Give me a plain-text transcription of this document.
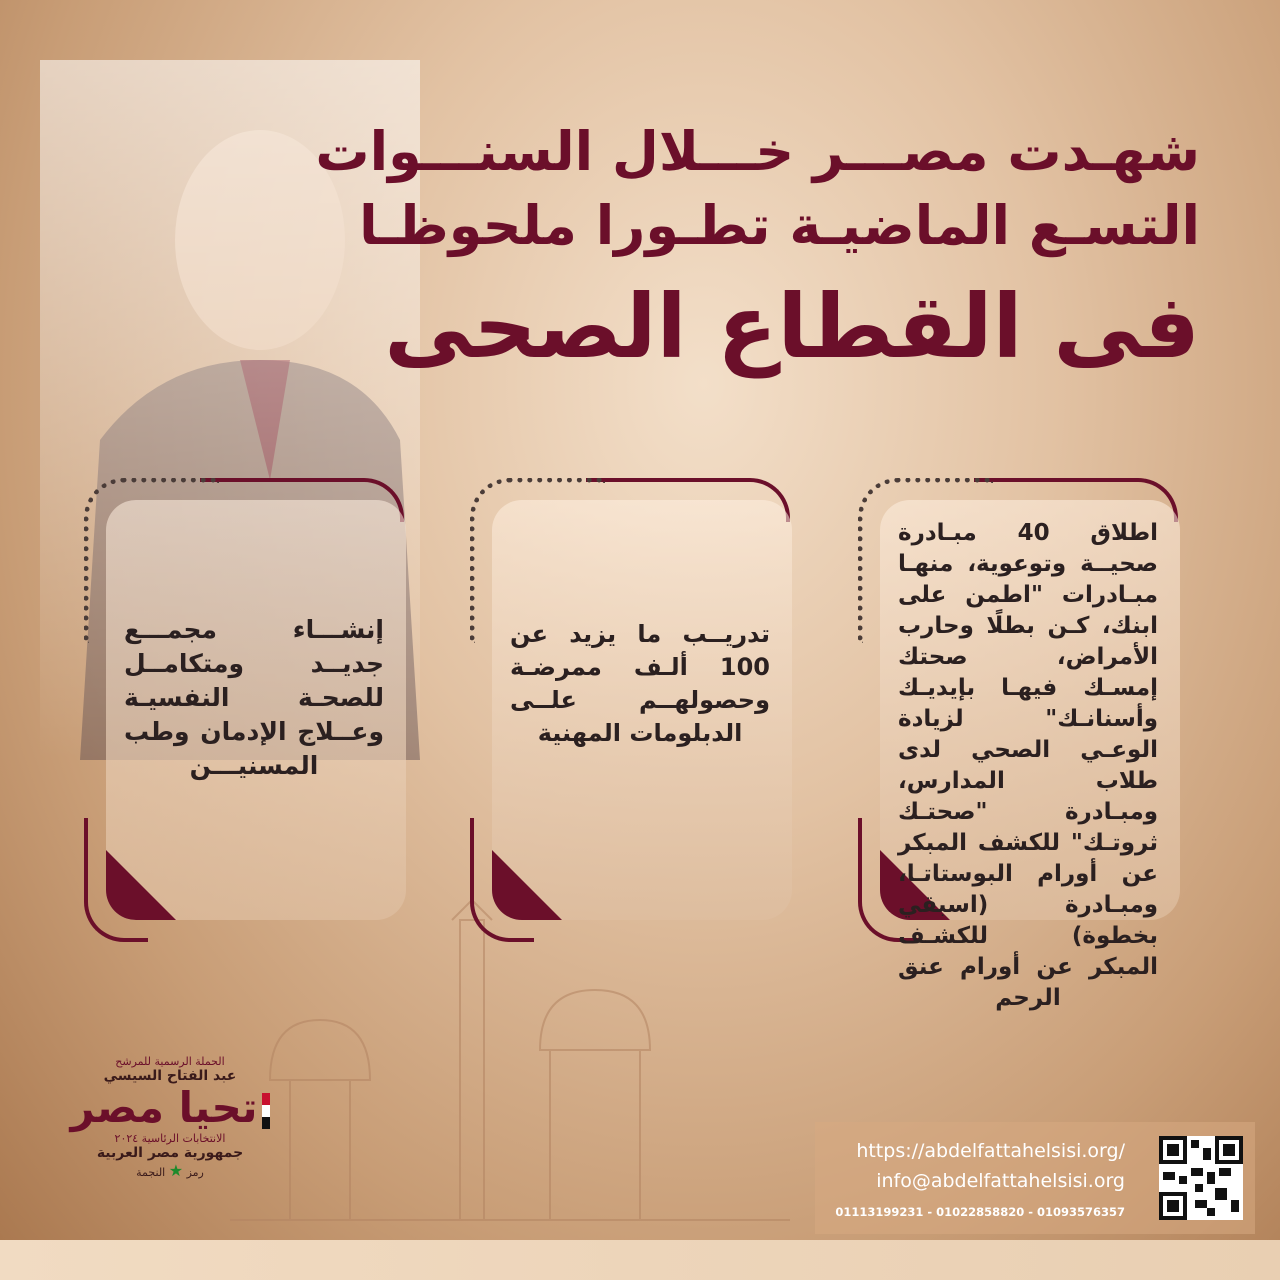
شهـدت مصـــر خـــلال السنـــوات
التسـع الماضيـة تطـورا ملحوظـا
فى القطاع الصحى
اطلاق 40 مبـادرة صحيــة وتوعوية، منهـا مبـادرات "اطمن على ابنك، كـن بطلًا وحارب الأمراض، صحتك إمسـك فيهـا بإيديـك وأسنانـك" لزيادة الوعـي الصحي لدى طلاب المدارس، ومبـادرة "صحتـك ثروتـك" للكشف المبكر عن أورام البوستاتـا، ومبـادرة (اسبقي بخطوة) للكشـف المبكر عن أورام عنق الرحم
تدريــب ما يزيد عن 100 ألـف ممرضـة وحصولهــم علــى الدبلومات المهنية
إنشـــاء مجمـــع جديــد ومتكامــل للصحـة النفسيـة وعــلاج الإدمان وطب المسنيـــن
الحملة الرسمية للمرشح
عبد الفتاح السيسي
تحيا مصر
الانتخابات الرئاسية ٢٠٢٤
جمهورية مصر العربية
رمز ★ النجمة
https://abdelfattahelsisi.org/
info@abdelfattahelsisi.org
01113199231 - 01022858820 - 01093576357
